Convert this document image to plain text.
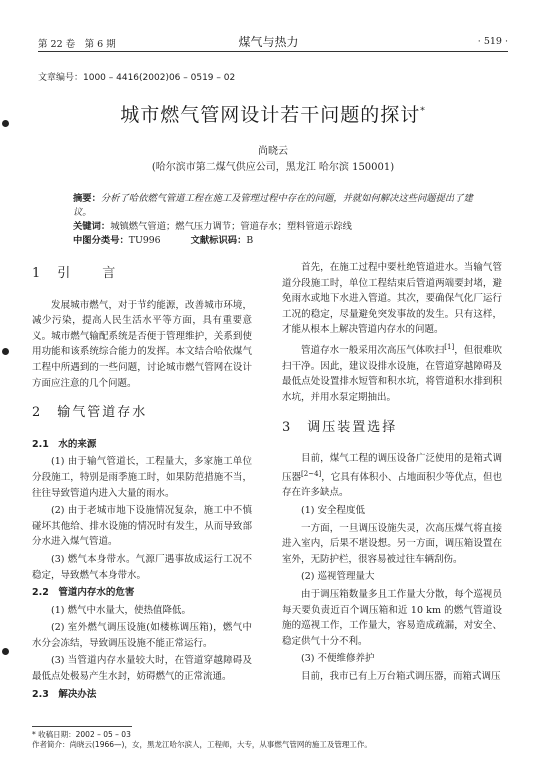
第 22 卷　第 6 期	煤气与热力	· 519 ·
文章编号：1000 – 4416(2002)06 – 0519 – 02
城市燃气管网设计若干问题的探讨*
尚晓云
(哈尔滨市第二煤气供应公司，黑龙江 哈尔滨 150001)
摘要：分析了哈依燃气管道工程在施工及管理过程中存在的问题，并就如何解决这些问题提出了建议。
关键词：城镇燃气管道；燃气压力调节；管道存水；塑料管道示踪线
中图分类号：TU996	文献标识码：B
1　引　　言

发展城市燃气，对于节约能源，改善城市环境，减少污染，提高人民生活水平等方面，具有重要意义。城市燃气输配系统是否便于管理维护，关系到使用功能和该系统综合能力的发挥。本文结合哈依煤气工程中所遇到的一些问题，讨论城市燃气管网在设计方面应注意的几个问题。

2　输气管道存水
2.1　水的来源

(1) 由于输气管道长，工程量大，多家施工单位分段施工，特别是雨季施工时，如果防范措施不当，往往导致管道内进入大量的雨水。

(2) 由于老城市地下设施情况复杂，施工中不慎碰坏其他给、排水设施的情况时有发生，从而导致部分水进入煤气管道。

(3) 燃气本身带水。气源厂遇事故成运行工况不稳定，导致燃气本身带水。

2.2　管道内存水的危害

(1) 燃气中水量大，使热值降低。

(2) 室外燃气调压设施(如楼栋调压箱)，燃气中水分会冻结，导致调压设施不能正常运行。

(3) 当管道内存水量较大时，在管道穿越障碍及最低点处极易产生水封，妨碍燃气的正常流通。

2.3　解决办法

首先，在施工过程中要杜绝管道进水。当输气管道分段施工时，单位工程结束后管道两端要封堵，避免雨水或地下水进入管道。其次，要确保气化厂运行工况的稳定，尽量避免突发事故的发生。只有这样，才能从根本上解决管道内存水的问题。

管道存水一般采用次高压气体吹扫[1]，但很难吹扫干净。因此，建议设排水设施，在管道穿越障碍及最低点处设置排水短管和积水坑，将管道积水排到积水坑，并用水泵定期抽出。

3　调压装置选择

目前，煤气工程的调压设备广泛使用的是箱式调压器[2~4]，它具有体积小、占地面积少等优点，但也存在许多缺点。

(1) 安全程度低

一方面，一旦调压设施失灵，次高压煤气将直接进入室内，后果不堪设想。另一方面，调压箱设置在室外，无防护栏，很容易被过往车辆刮伤。

(2) 巡视管理量大

由于调压箱数量多且工作量大分散，每个巡视员每天要负责近百个调压箱和近 10 km 的燃气管道设施的巡视工作，工作量大，容易造成疏漏，对安全、稳定供气十分不利。

(3) 不便维修养护

目前，我市已有上万台箱式调压器，而箱式调压

* 收稿日期：2002 – 05 – 03
作者简介：尚晓云(1966—)，女，黑龙江哈尔滨人，工程师，大专，从事燃气管网的施工及管理工作。
